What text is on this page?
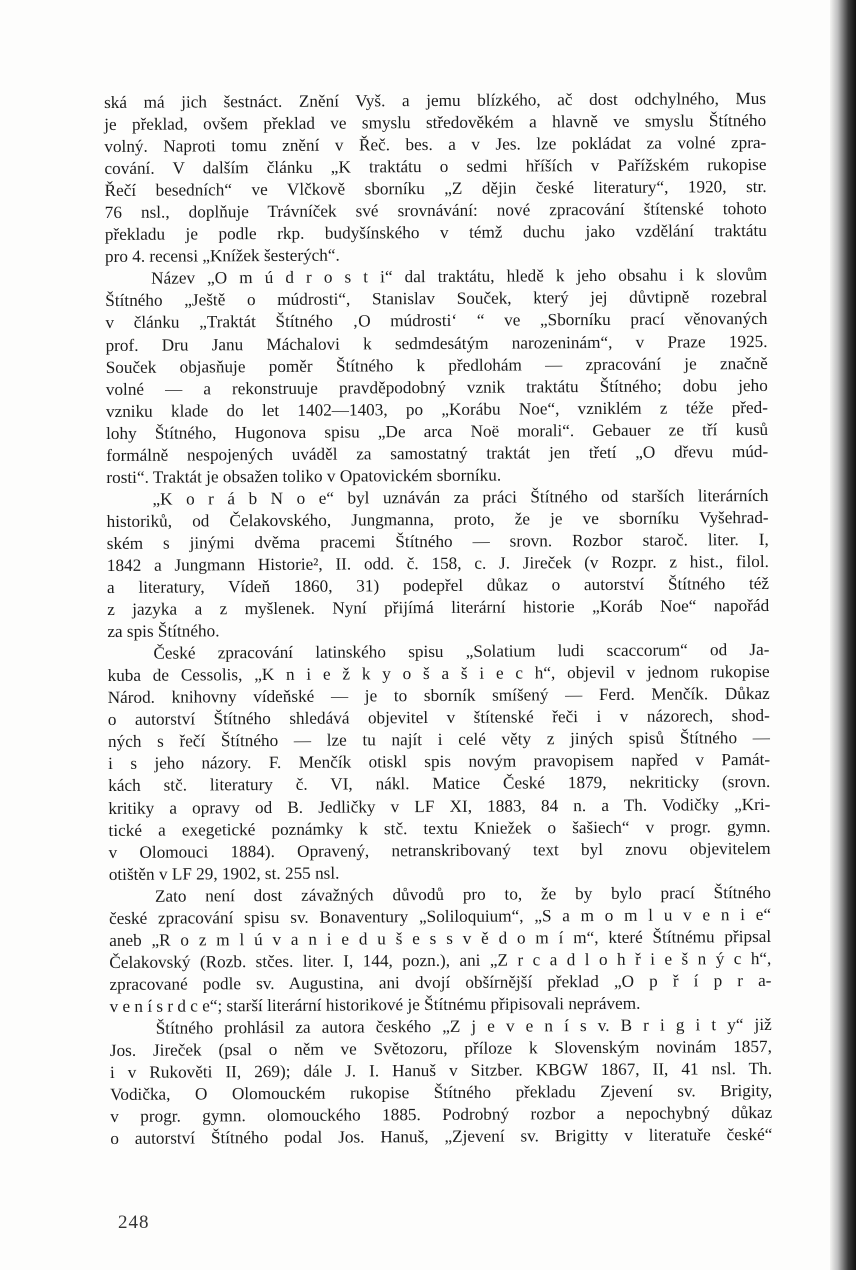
ská má jich šestnáct. Znění Vyš. a jemu blízkého, ač dost odchylného, Mus
je překlad, ovšem překlad ve smyslu středověkém a hlavně ve smyslu Štítného
volný. Naproti tomu znění v Řeč. bes. a v Jes. lze pokládat za volné zpra-
cování. V dalším článku „K traktátu o sedmi hříších v Pařížském rukopise
Řečí besedních“ ve Vlčkově sborníku „Z dějin české literatury“, 1920, str.
76 nsl., doplňuje Trávníček své srovnávání: nové zpracování štítenské tohoto
překladu je podle rkp. budyšínského v témž duchu jako vzdělání traktátu
pro 4. recensi „Knížek šesterých“.
Název „O m ú d r o s t i“ dal traktátu, hledě k jeho obsahu i k slovům
Štítného „Ještě o múdrosti“, Stanislav Souček, který jej důvtipně rozebral
v článku „Traktát Štítného ‚O múdrosti‘ “ ve „Sborníku prací věnovaných
prof. Dru Janu Máchalovi k sedmdesátým narozeninám“, v Praze 1925.
Souček objasňuje poměr Štítného k předlohám — zpracování je značně
volné — a rekonstruuje pravděpodobný vznik traktátu Štítného; dobu jeho
vzniku klade do let 1402—1403, po „Korábu Noe“, vzniklém z téže před-
lohy Štítného, Hugonova spisu „De arca Noë morali“. Gebauer ze tří kusů
formálně nespojených uváděl za samostatný traktát jen třetí „O dřevu múd-
rosti“. Traktát je obsažen toliko v Opatovickém sborníku.
„K o r á b N o e“ byl uznáván za práci Štítného od starších literárních
historiků, od Čelakovského, Jungmanna, proto, že je ve sborníku Vyšehrad-
ském s jinými dvěma pracemi Štítného — srovn. Rozbor staroč. liter. I,
1842 a Jungmann Historie², II. odd. č. 158, c. J. Jireček (v Rozpr. z hist., filol.
a literatury, Vídeň 1860, 31) podepřel důkaz o autorství Štítného též
z jazyka a z myšlenek. Nyní přijímá literární historie „Koráb Noe“ napořád
za spis Štítného.
České zpracování latinského spisu „Solatium ludi scaccorum“ od Ja-
kuba de Cessolis, „K n i e ž k y o š a š i e c h“, objevil v jednom rukopise
Národ. knihovny vídeňské — je to sborník smíšený — Ferd. Menčík. Důkaz
o autorství Štítného shledává objevitel v štítenské řeči i v názorech, shod-
ných s řečí Štítného — lze tu najít i celé věty z jiných spisů Štítného —
i s jeho názory. F. Menčík otiskl spis novým pravopisem napřed v Památ-
kách stč. literatury č. VI, nákl. Matice České 1879, nekriticky (srovn.
kritiky a opravy od B. Jedličky v LF XI, 1883, 84 n. a Th. Vodičky „Kri-
tické a exegetické poznámky k stč. textu Kniežek o šašiech“ v progr. gymn.
v Olomouci 1884). Opravený, netranskribovaný text byl znovu objevitelem
otištěn v LF 29, 1902, st. 255 nsl.
Zato není dost závažných důvodů pro to, že by bylo prací Štítného
české zpracování spisu sv. Bonaventury „Soliloquium“, „S a m o m l u v e n i e“
aneb „R o z m l ú v a n i e d u š e s s v ě d o m í m“, které Štítnému připsal
Čelakovský (Rozb. stčes. liter. I, 144, pozn.), ani „Z r c a d l o h ř i e š n ý c h“,
zpracované podle sv. Augustina, ani dvojí obšírnější překlad „O p ř í p r a-
v e n í s r d c e“; starší literární historikové je Štítnému připisovali neprávem.
Štítného prohlásil za autora českého „Z j e v e n í s v. B r i g i t y“ již
Jos. Jireček (psal o něm ve Světozoru, příloze k Slovenským novinám 1857,
i v Rukověti II, 269); dále J. I. Hanuš v Sitzber. KBGW 1867, II, 41 nsl. Th.
Vodička, O Olomouckém rukopise Štítného překladu Zjevení sv. Brigity,
v progr. gymn. olomouckého 1885. Podrobný rozbor a nepochybný důkaz
o autorství Štítného podal Jos. Hanuš, „Zjevení sv. Brigitty v literatuře české“
248
